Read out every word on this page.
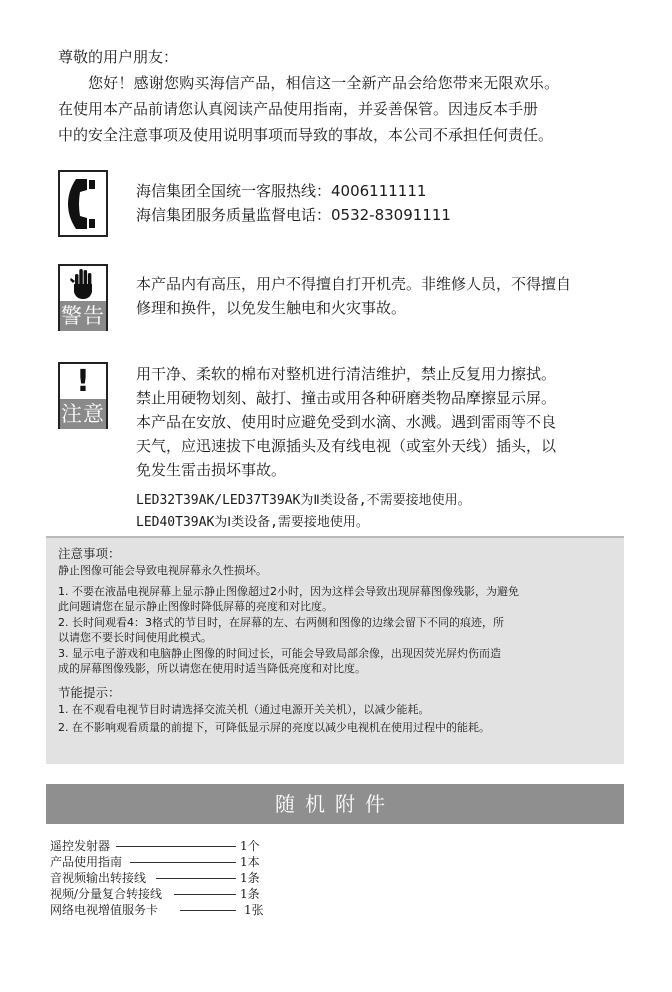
尊敬的用户朋友：

您好！感谢您购买海信产品，相信这一全新产品会给您带来无限欢乐。

在使用本产品前请您认真阅读产品使用指南，并妥善保管。因违反本手册

中的安全注意事项及使用说明事项而导致的事故，本公司不承担任何责任。

海信集团全国统一客服热线：4006111111

海信集团服务质量监督电话：0532-83091111

警告

本产品内有高压，用户不得擅自打开机壳。非维修人员，不得擅自

修理和换件，以免发生触电和火灾事故。

!
注意

用干净、柔软的棉布对整机进行清洁维护，禁止反复用力擦拭。

禁止用硬物划刻、敲打、撞击或用各种研磨类物品摩擦显示屏。

本产品在安放、使用时应避免受到水滴、水溅。遇到雷雨等不良

天气，应迅速拔下电源插头及有线电视（或室外天线）插头，以

免发生雷击损坏事故。

LED32T39AK/LED37T39AK为Ⅱ类设备,不需要接地使用。

LED40T39AK为Ⅰ类设备,需要接地使用。

注意事项：

静止图像可能会导致电视屏幕永久性损坏。

1. 不要在液晶电视屏幕上显示静止图像超过2小时，因为这样会导致出现屏幕图像残影，为避免

此问题请您在显示静止图像时降低屏幕的亮度和对比度。

2. 长时间观看4：3格式的节目时，在屏幕的左、右两侧和图像的边缘会留下不同的痕迹，所

以请您不要长时间使用此模式。

3. 显示电子游戏和电脑静止图像的时间过长，可能会导致局部余像，出现因荧光屏灼伤而造

成的屏幕图像残影，所以请您在使用时适当降低亮度和对比度。

节能提示：

1. 在不观看电视节目时请选择交流关机（通过电源开关关机），以减少能耗。

2. 在不影响观看质量的前提下，可降低显示屏的亮度以减少电视机在使用过程中的能耗。

随机附件
遥控发射器	1个
产品使用指南	1本
音视频输出转接线	1条
视频/分量复合转接线	1条
网络电视增值服务卡	1张
